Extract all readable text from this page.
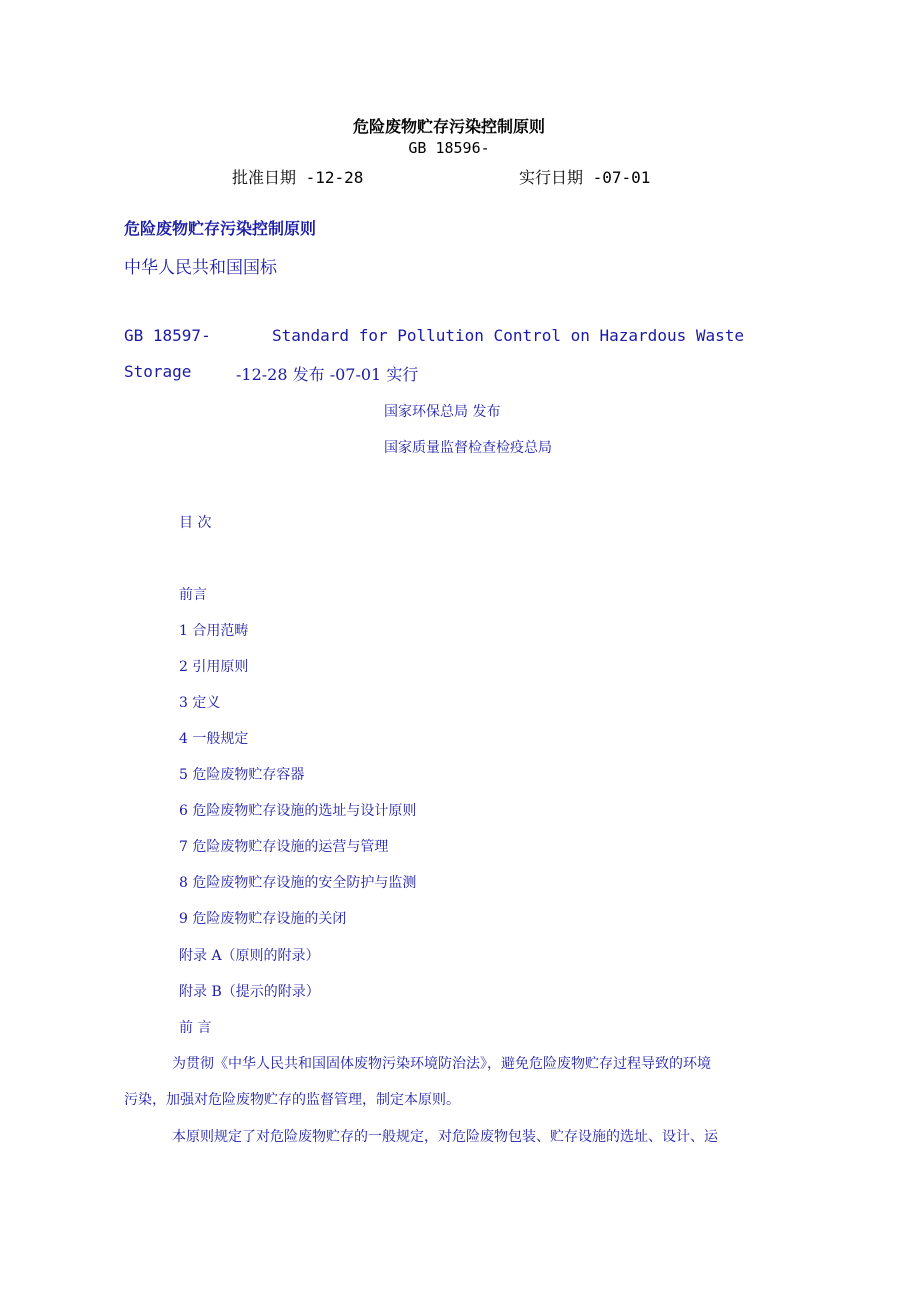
危险废物贮存污染控制原则
GB 18596-
批准日期 -12-28	实行日期 -07-01
危险废物贮存污染控制原则
中华人民共和国国标
GB 18597-	Standard for Pollution Control on Hazardous Waste
Storage	-12-28 发布 -07-01 实行
国家环保总局 发布
国家质量监督检查检疫总局
目 次
前言
1 合用范畴
2 引用原则
3 定义
4 一般规定
5 危险废物贮存容器
6 危险废物贮存设施的选址与设计原则
7 危险废物贮存设施的运营与管理
8 危险废物贮存设施的安全防护与监测
9 危险废物贮存设施的关闭
附录 A（原则的附录）
附录 B（提示的附录）
前 言
为贯彻《中华人民共和国固体废物污染环境防治法》，避免危险废物贮存过程导致的环境
污染，加强对危险废物贮存的监督管理，制定本原则。
本原则规定了对危险废物贮存的一般规定，对危险废物包装、贮存设施的选址、设计、运
